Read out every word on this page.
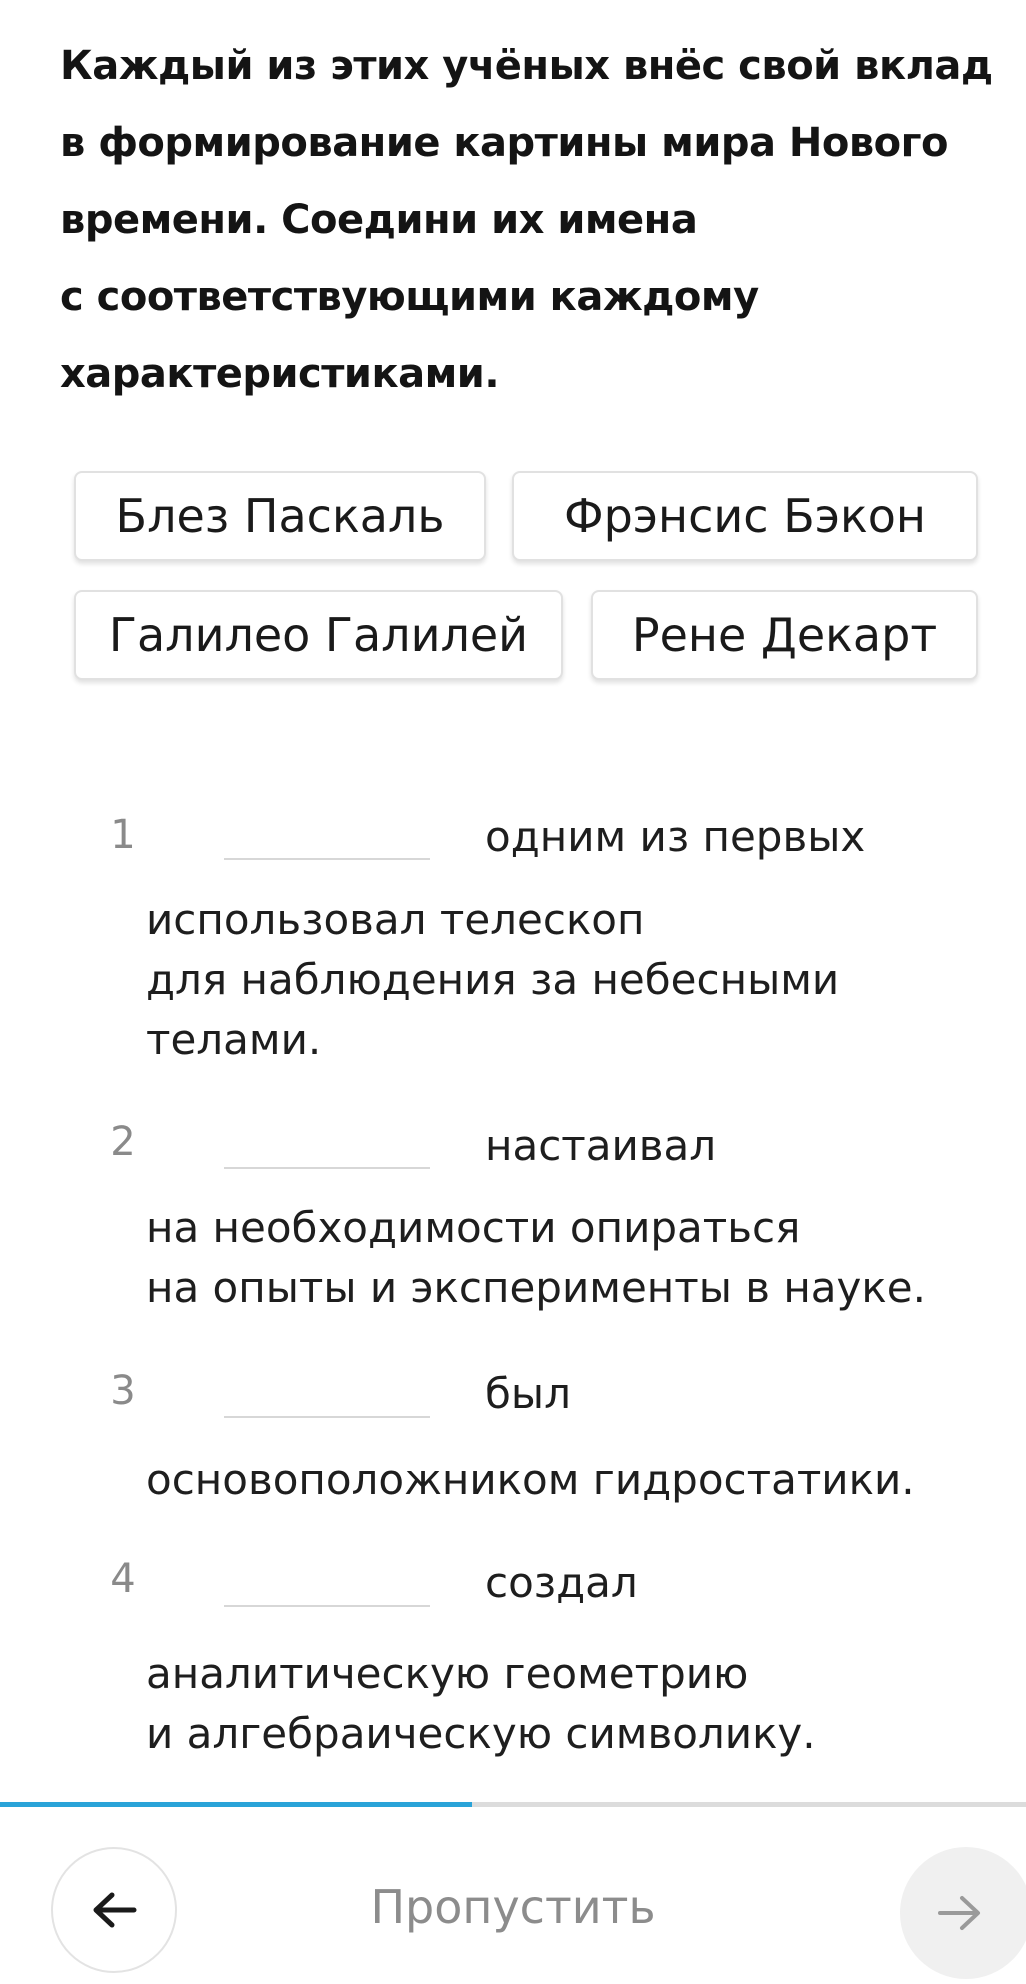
Каждый из этих учёных внёс свой вклад
в формирование картины мира Нового
времени. Соедини их имена
с соответствующими каждому
характеристиками.
Блез Паскаль	Фрэнсис Бэкон
Галилео Галилей	Рене Декарт
1	одним из первых
использовал телескоп
для наблюдения за небесными
телами.
2	настаивал
на необходимости опираться
на опыты и эксперименты в науке.
3	был
основоположником гидростатики.
4	создал
аналитическую геометрию
и алгебраическую символику.
Пропустить
